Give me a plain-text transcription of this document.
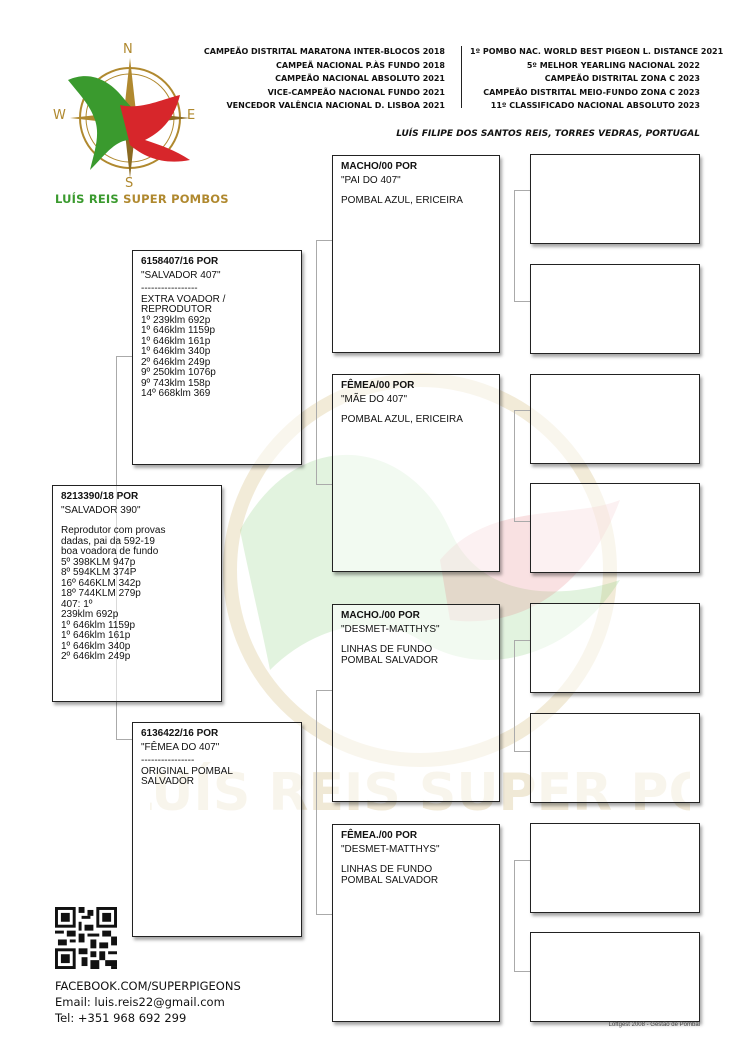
SUPER
N
S
W	E
LUÍS REIS SUPER POMBOS
CAMPEÃO DISTRITAL MARATONA INTER-BLOCOS 2018
CAMPEÃ NACIONAL P.ÀS FUNDO 2018
CAMPEÃO NACIONAL ABSOLUTO 2021
VICE-CAMPEÃO NACIONAL FUNDO 2021
VENCEDOR VALÊNCIA NACIONAL D. LISBOA 2021
1º POMBO NAC. WORLD BEST PIGEON L. DISTANCE 2021
5º MELHOR YEARLING NACIONAL 2022
CAMPEÃO DISTRITAL ZONA C 2023
CAMPEÃO DISTRITAL MEIO-FUNDO ZONA C 2023
11º CLASSIFICADO NACIONAL ABSOLUTO 2023
LUÍS FILIPE DOS SANTOS REIS, TORRES VEDRAS, PORTUGAL
8213390/18 POR
"SALVADOR 390"
Reprodutor com provas
dadas, pai da 592-19
boa voadora de fundo
5º 398KLM 947p
8º 594KLM 374P
16º 646KLM 342p
18º 744KLM 279p
407: 1º
239klm 692p
1º 646klm 1159p
1º 646klm 161p
1º 646klm 340p
2º 646klm 249p
6158407/16 POR
"SALVADOR 407"
-----------------
EXTRA VOADOR /
REPRODUTOR
1º 239klm 692p
1º 646klm 1159p
1º 646klm 161p
1º 646klm 340p
2º 646klm 249p
9º 250klm 1076p
9º 743klm 158p
14º 668klm 369
6136422/16 POR
"FÊMEA DO 407"
----------------
ORIGINAL POMBAL
SALVADOR
MACHO/00 POR
"PAI DO 407"
POMBAL AZUL, ERICEIRA
FÊMEA/00 POR
"MÃE DO 407"
POMBAL AZUL, ERICEIRA
MACHO./00 POR
"DESMET-MATTHYS"
LINHAS DE FUNDO
POMBAL SALVADOR
FÊMEA./00 POR
"DESMET-MATTHYS"
LINHAS DE FUNDO
POMBAL SALVADOR
FACEBOOK.COM/SUPERPIGEONS
Email: luis.reis22@gmail.com
Tel: +351 968 692 299	Loftgest 2008 - Gestão de Pombal
